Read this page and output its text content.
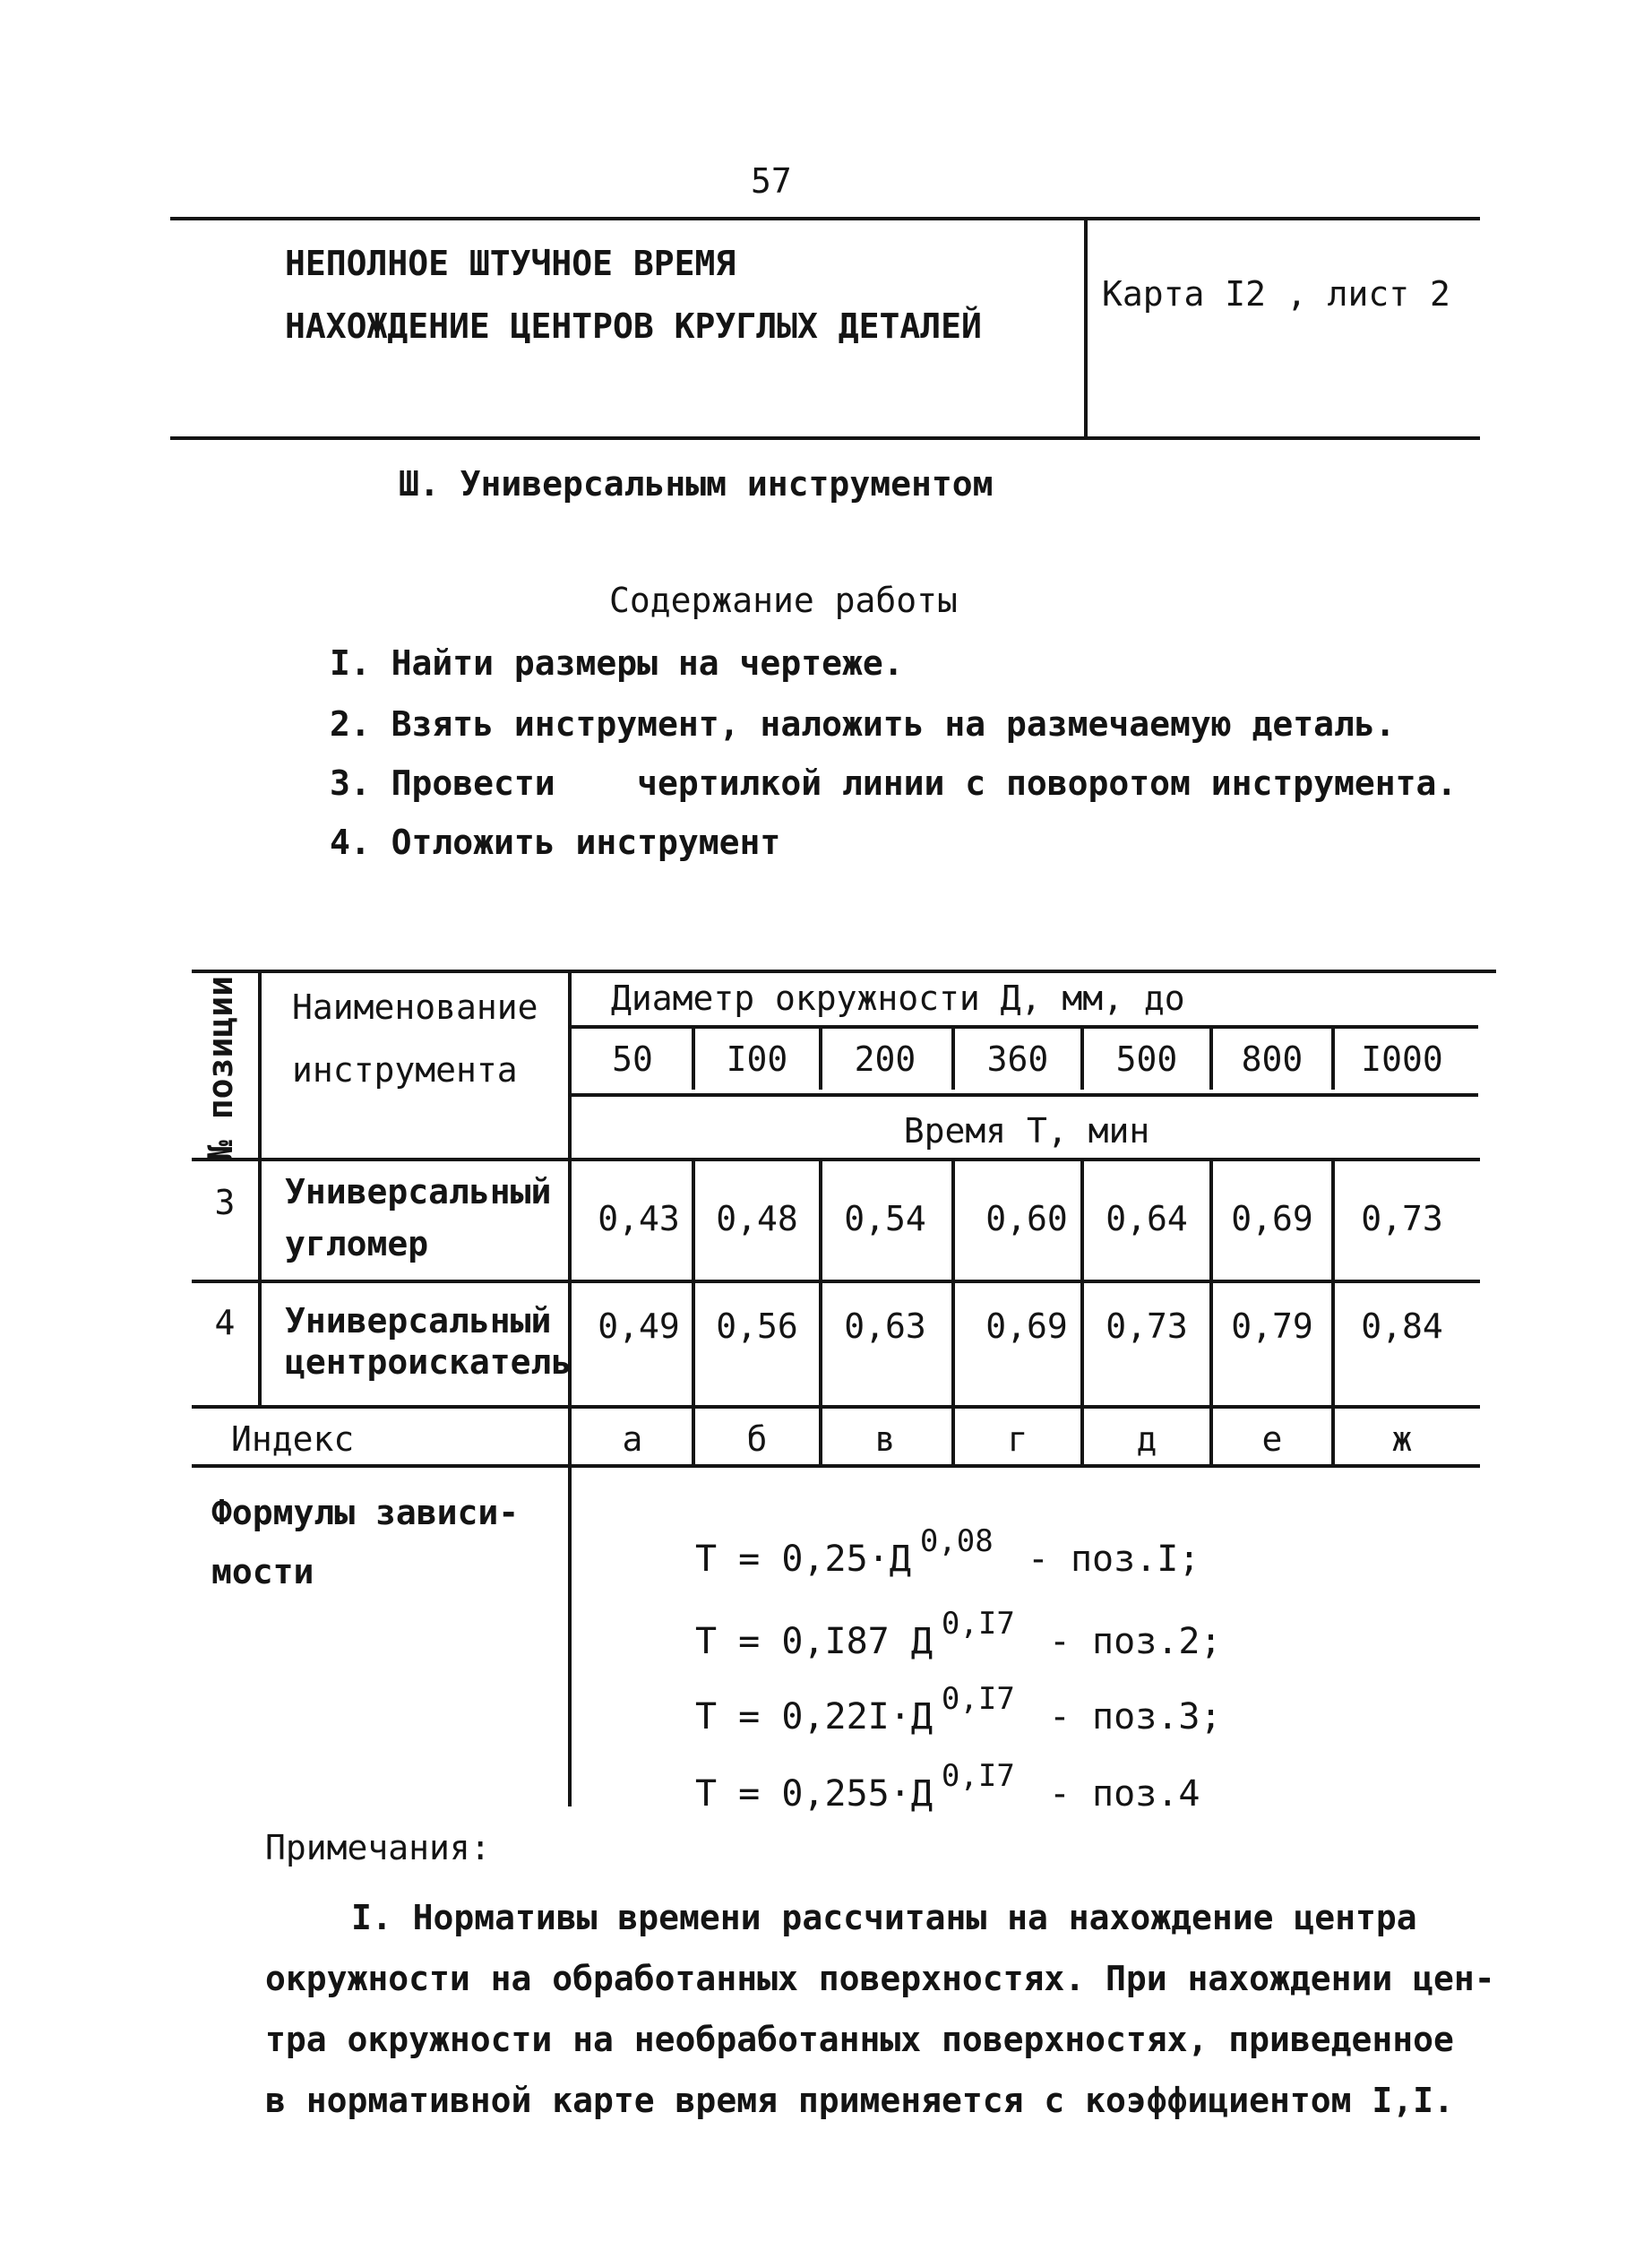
57
НЕПОЛНОЕ ШТУЧНОЕ ВРЕМЯ
НАХОЖДЕНИЕ ЦЕНТРОВ КРУГЛЫХ ДЕТАЛЕЙ
Карта I2 , лист 2
Ш. Универсальным инструментом
Содержание работы
I. Найти размеры на чертеже.
2. Взять инструмент, наложить на размечаемую деталь.
3. Провести    чертилкой линии с поворотом инструмента.
4. Отложить инструмент
№ позиции Наименование
инструмента
Диаметр окружности Д, мм, до
50	I00	200	360	500	800	I000
Время Т, мин
3	Универсальный
угломер
0,43	0,48	0,54	0,60	0,64	0,69	0,73
4	Универсальный
центроискатель
0,49	0,56	0,63	0,69	0,73	0,79	0,84
Индекс	а	б	в	г	д	е	ж
Формулы зависи-
мости	Т = 0,25·Д $^{0,08}$ - поз.I;
Т = 0,I87 Д $^{0,I7}$ - поз.2;
Т = 0,22I·Д $^{0,I7}$ - поз.3;
Т = 0,255·Д $^{0,I7}$ - поз.4
Примечания:
I. Нормативы времени рассчитаны на нахождение центра
окружности на обработанных поверхностях. При нахождении цен-
тра окружности на необработанных поверхностях, приведенное
в нормативной карте время применяется с коэффициентом I,I.
